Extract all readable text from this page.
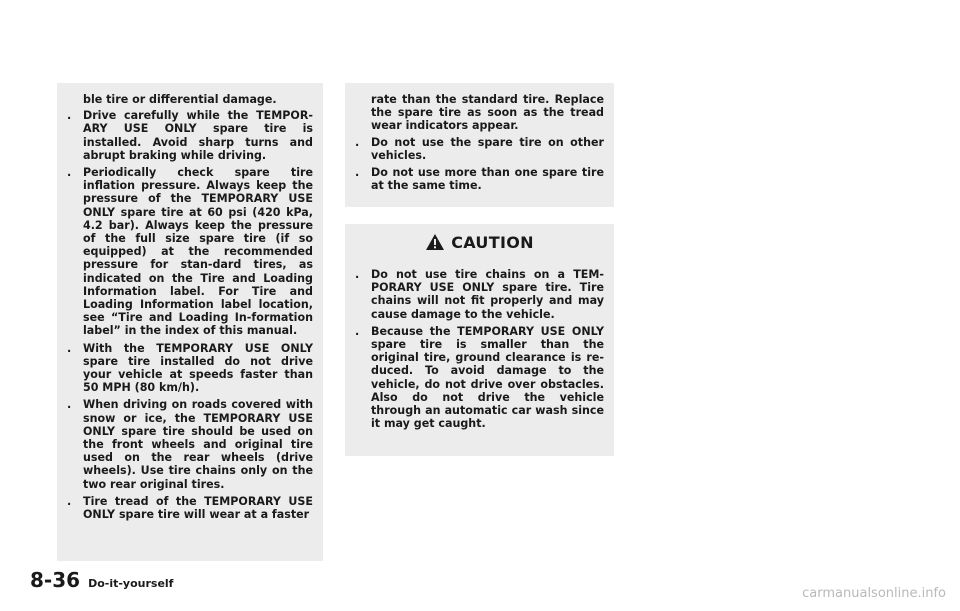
ble tire or differential damage.
.	Drive carefully while the TEMPOR-ARY USE ONLY spare tire is installed. Avoid sharp turns and abrupt braking while driving.
.	Periodically check spare tire inflation pressure. Always keep the pressure of the TEMPORARY USE ONLY spare tire at 60 psi (420 kPa, 4.2 bar). Always keep the pressure of the full size spare tire (if so equipped) at the recommended pressure for stan-dard tires, as indicated on the Tire and Loading Information label. For Tire and Loading Information label location, see “Tire and Loading In-formation label” in the index of this manual.
.	With the TEMPORARY USE ONLY spare tire installed do not drive your vehicle at speeds faster than 50 MPH (80 km/h).
.	When driving on roads covered with snow or ice, the TEMPORARY USE ONLY spare tire should be used on the front wheels and original tire used on the rear wheels (drive wheels). Use tire chains only on the two rear original tires.
.	Tire tread of the TEMPORARY USE ONLY spare tire will wear at a faster
rate than the standard tire. Replace the spare tire as soon as the tread wear indicators appear.
.	Do not use the spare tire on other vehicles.
.	Do not use more than one spare tire at the same time.
CAUTION
.	Do not use tire chains on a TEM-PORARY USE ONLY spare tire. Tire chains will not fit properly and may cause damage to the vehicle.
.	Because the TEMPORARY USE ONLY spare tire is smaller than the original tire, ground clearance is re-duced. To avoid damage to the vehicle, do not drive over obstacles. Also do not drive the vehicle through an automatic car wash since it may get caught.
8-36 Do-it-yourself
carmanualsonline.info
